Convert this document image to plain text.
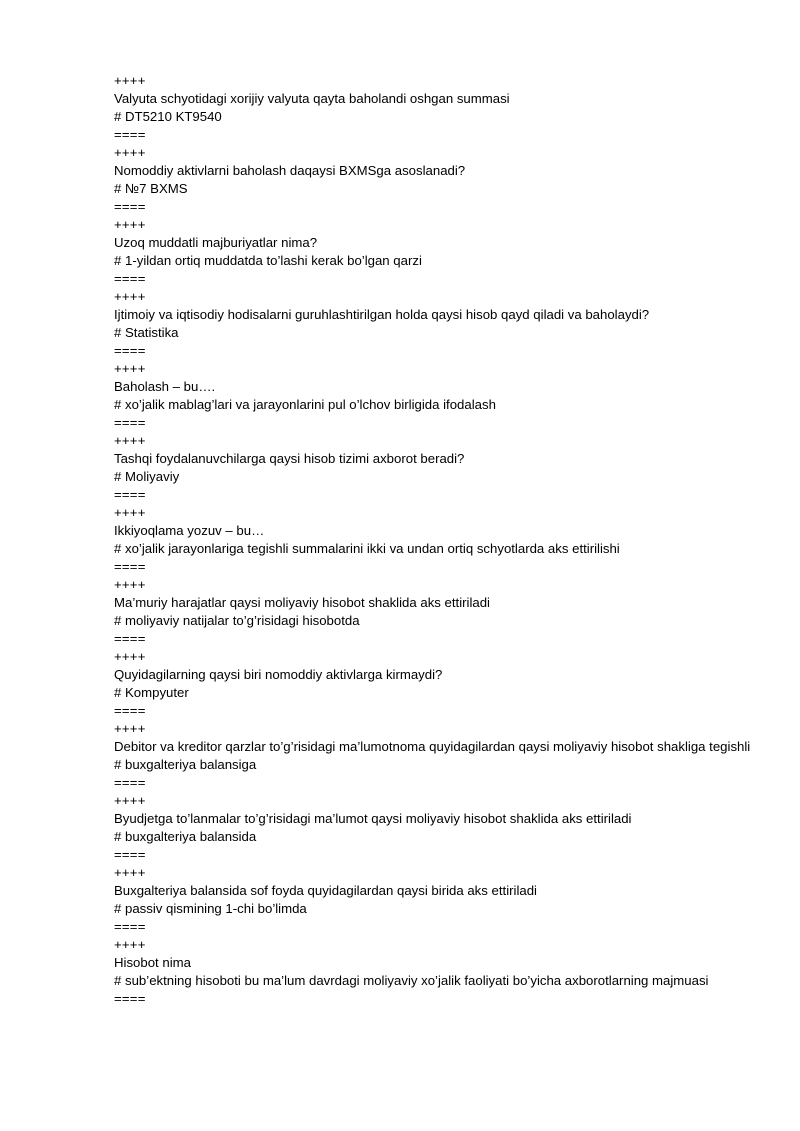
++++
Valyuta schyotidagi xorijiy valyuta qayta baholandi oshgan summasi
# DT5210 KT9540
====
++++
Nomoddiy aktivlarni baholash daqaysi BXMSga asoslanadi?
# №7 BXMS
====
++++
Uzoq muddatli majburiyatlar nima?
# 1-yildan ortiq muddatda to’lashi kerak bo’lgan qarzi
====
++++
Ijtimoiy va iqtisodiy hodisalarni guruhlashtirilgan holda qaysi hisob qayd qiladi va baholaydi?
# Statistika
====
++++
Baholash – bu….
# xo’jalik mablag’lari va jarayonlarini pul o’lchov birligida ifodalash
====
++++
Tashqi foydalanuvchilarga qaysi hisob tizimi axborot beradi?
# Moliyaviy
====
++++
Ikkiyoqlama yozuv – bu…
# xo’jalik jarayonlariga tegishli summalarini ikki va undan ortiq schyotlarda aks ettirilishi
====
++++
Ma’muriy harajatlar qaysi moliyaviy hisobot shaklida aks ettiriladi
# moliyaviy natijalar to’g’risidagi hisobotda
====
++++
Quyidagilarning qaysi biri nomoddiy aktivlarga kirmaydi?
# Kompyuter
====
++++
Debitor va kreditor qarzlar to’g’risidagi ma’lumotnoma quyidagilardan qaysi moliyaviy hisobot shakliga tegishli
# buxgalteriya balansiga
====
++++
Byudjetga to’lanmalar to’g’risidagi ma’lumot qaysi moliyaviy hisobot shaklida aks ettiriladi
# buxgalteriya balansida
====
++++
Buxgalteriya balansida sof foyda quyidagilardan qaysi birida aks ettiriladi
# passiv qismining 1-chi bo’limda
====
++++
Hisobot nima
# sub’ektning hisoboti bu ma’lum davrdagi moliyaviy xo’jalik faoliyati bo’yicha axborotlarning majmuasi
====
